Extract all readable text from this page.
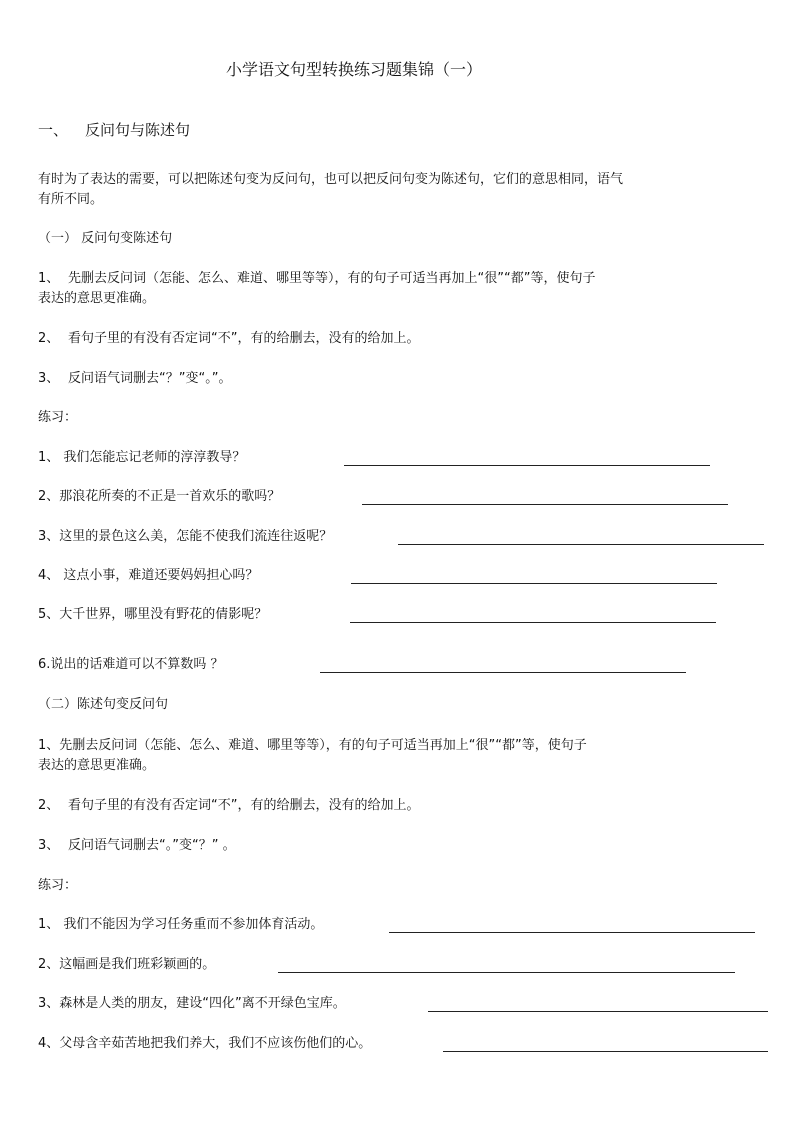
小学语文句型转换练习题集锦（一）
一、 反问句与陈述句
有时为了表达的需要，可以把陈述句变为反问句，也可以把反问句变为陈述句，它们的意思相同，语气
有所不同。
（一） 反问句变陈述句
1、 先删去反问词（怎能、怎么、难道、哪里等等），有的句子可适当再加上“很”“都”等，使句子
表达的意思更准确。
2、 看句子里的有没有否定词“不”，有的给删去，没有的给加上。
3、 反问语气词删去“？”变“。”。
练习：
1、 我们怎能忘记老师的淳淳教导？
2、那浪花所奏的不正是一首欢乐的歌吗？
3、这里的景色这么美，怎能不使我们流连往返呢？
4、 这点小事，难道还要妈妈担心吗？
5、大千世界，哪里没有野花的倩影呢？
6.说出的话难道可以不算数吗 ？
（二）陈述句变反问句
1、先删去反问词（怎能、怎么、难道、哪里等等），有的句子可适当再加上“很”“都”等，使句子
表达的意思更准确。
2、 看句子里的有没有否定词“不”，有的给删去，没有的给加上。
3、 反问语气词删去“。”变“？” 。
练习：
1、 我们不能因为学习任务重而不参加体育活动。
2、这幅画是我们班彩颖画的。
3、森林是人类的朋友，建设“四化”离不开绿色宝库。
4、父母含辛茹苦地把我们养大，我们不应该伤他们的心。
